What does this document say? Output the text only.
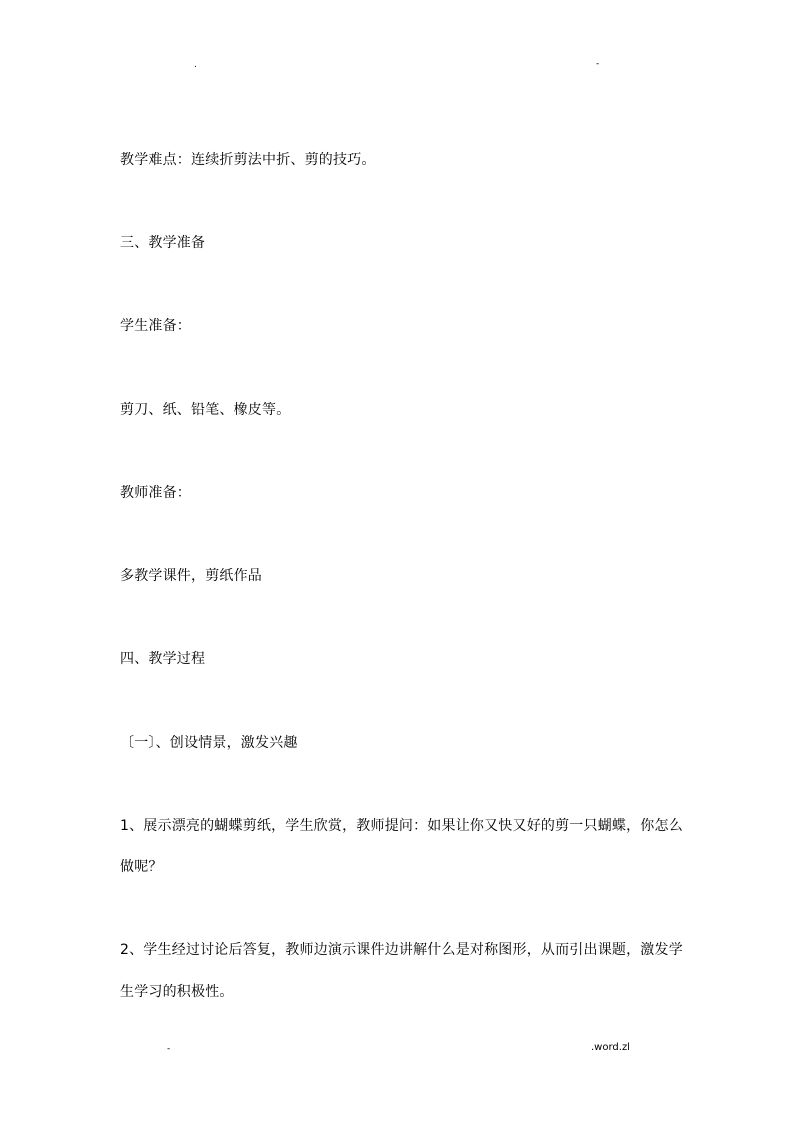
.	-
教学难点：连续折剪法中折、剪的技巧。
三、教学准备
学生准备：
剪刀、纸、铅笔、橡皮等。
教师准备：
多教学课件，剪纸作品
四、教学过程
〔一〕、创设情景，激发兴趣
1、展示漂亮的蝴蝶剪纸，学生欣赏，教师提问：如果让你又快又好的剪一只蝴蝶，你怎么
做呢？
2、学生经过讨论后答复，教师边演示课件边讲解什么是对称图形，从而引出课题，激发学
生学习的积极性。
-	.word.zl
